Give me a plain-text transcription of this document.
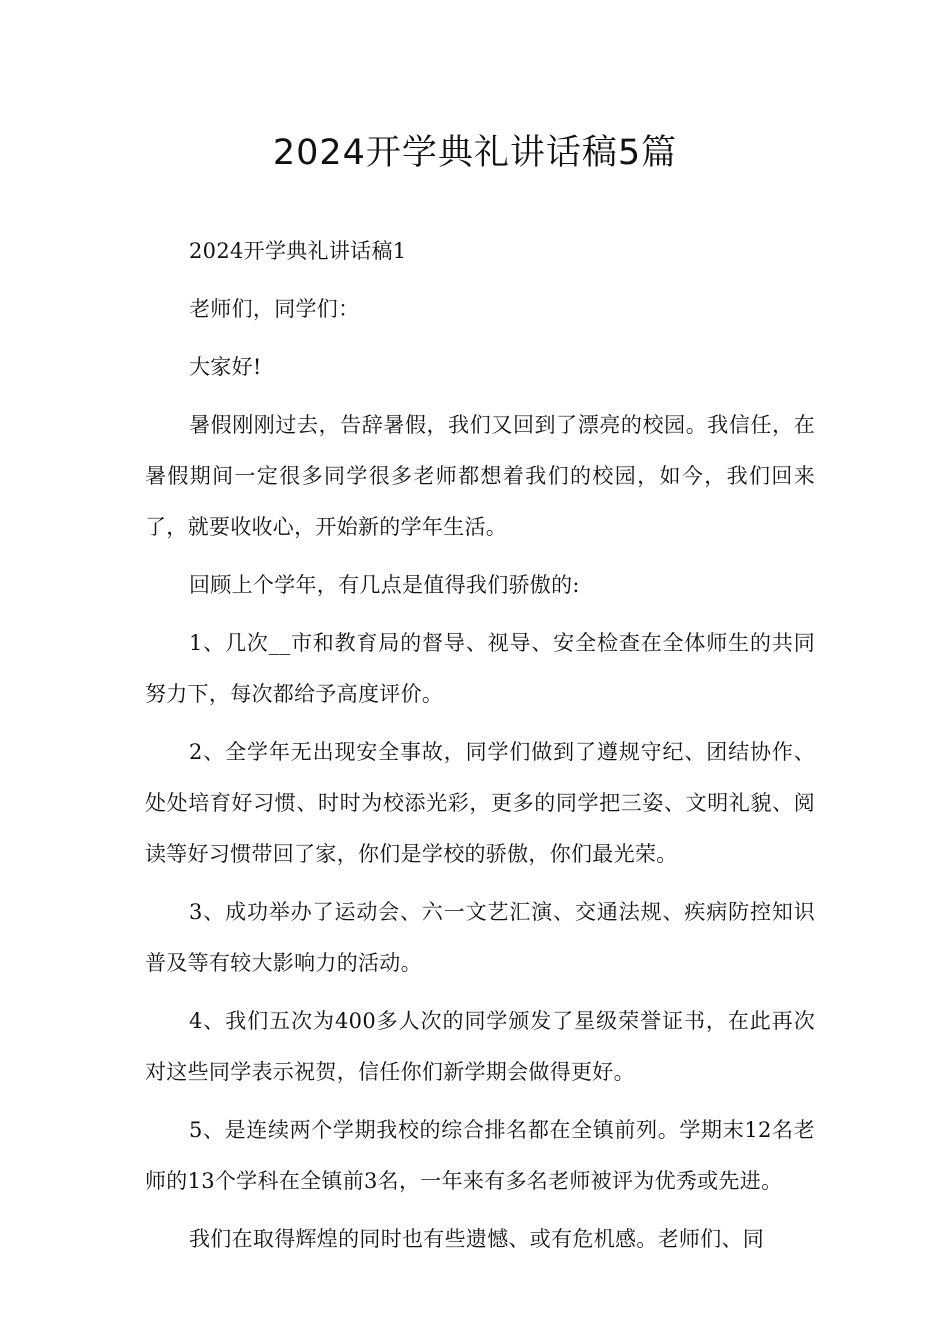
2024开学典礼讲话稿5篇

2024开学典礼讲话稿1

老师们，同学们：

大家好!

暑假刚刚过去，告辞暑假，我们又回到了漂亮的校园。我信任，在暑假期间一定很多同学很多老师都想着我们的校园，如今，我们回来了，就要收收心，开始新的学年生活。

回顾上个学年，有几点是值得我们骄傲的:

1、几次__市和教育局的督导、视导、安全检查在全体师生的共同努力下，每次都给予高度评价。

2、全学年无出现安全事故，同学们做到了遵规守纪、团结协作、处处培育好习惯、时时为校添光彩，更多的同学把三姿、文明礼貌、阅读等好习惯带回了家，你们是学校的骄傲，你们最光荣。

3、成功举办了运动会、六一文艺汇演、交通法规、疾病防控知识普及等有较大影响力的活动。

4、我们五次为400多人次的同学颁发了星级荣誉证书，在此再次对这些同学表示祝贺，信任你们新学期会做得更好。

5、是连续两个学期我校的综合排名都在全镇前列。学期末12名老师的13个学科在全镇前3名，一年来有多名老师被评为优秀或先进。

我们在取得辉煌的同时也有些遗憾、或有危机感。老师们、同
